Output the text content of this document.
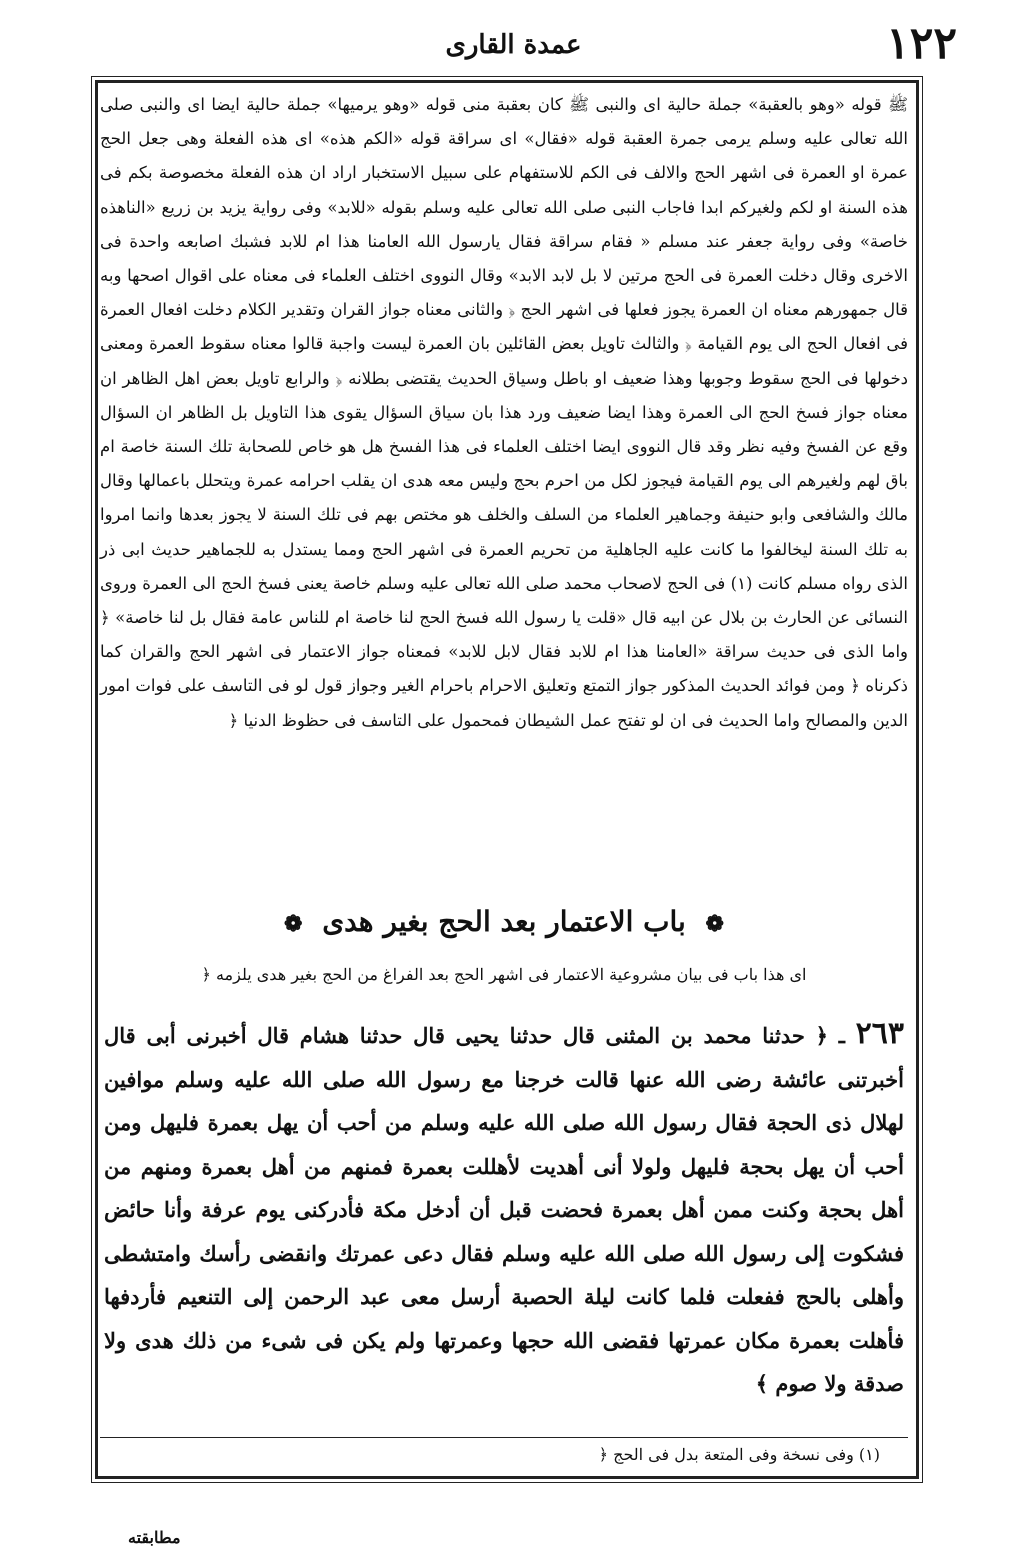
١٢٢
عمدة القارى

ﷺ قوله «وهو بالعقبة» جملة حالية اى والنبى ﷺ كان بعقبة منى قوله «وهو يرميها» جملة حالية ايضا اى والنبى صلى الله تعالى عليه وسلم يرمى جمرة العقبة قوله «فقال» اى سراقة قوله «الكم هذه» اى هذه الفعلة وهى جعل الحج عمرة او العمرة فى اشهر الحج والالف فى الكم للاستفهام على سبيل الاستخبار اراد ان هذه الفعلة مخصوصة بكم فى هذه السنة او لكم ولغيركم ابدا فاجاب النبى صلى الله تعالى عليه وسلم بقوله «للابد» وفى رواية يزيد بن زريع «الناهذه خاصة» وفى رواية جعفر عند مسلم « فقام سراقة فقال يارسول الله العامنا هذا ام للابد فشبك اصابعه واحدة فى الاخرى وقال دخلت العمرة فى الحج مرتين لا بل لابد الابد» وقال النووى اختلف العلماء فى معناه على اقوال اصحها وبه قال جمهورهم معناه ان العمرة يجوز فعلها فى اشهر الحج ﴿ والثانى معناه جواز القران وتقدير الكلام دخلت افعال العمرة فى افعال الحج الى يوم القيامة ﴿ والثالث تاويل بعض القائلين بان العمرة ليست واجبة قالوا معناه سقوط العمرة ومعنى دخولها فى الحج سقوط وجوبها وهذا ضعيف او باطل وسياق الحديث يقتضى بطلانه ﴿ والرابع تاويل بعض اهل الظاهر ان معناه جواز فسخ الحج الى العمرة وهذا ايضا ضعيف ورد هذا بان سياق السؤال يقوى هذا التاويل بل الظاهر ان السؤال وقع عن الفسخ وفيه نظر وقد قال النووى ايضا اختلف العلماء فى هذا الفسخ هل هو خاص للصحابة تلك السنة خاصة ام باق لهم ولغيرهم الى يوم القيامة فيجوز لكل من احرم بحج وليس معه هدى ان يقلب احرامه عمرة ويتحلل باعمالها وقال مالك والشافعى وابو حنيفة وجماهير العلماء من السلف والخلف هو مختص بهم فى تلك السنة لا يجوز بعدها وانما امروا به تلك السنة ليخالفوا ما كانت عليه الجاهلية من تحريم العمرة فى اشهر الحج ومما يستدل به للجماهير حديث ابى ذر الذى رواه مسلم كانت (١) فى الحج لاصحاب محمد صلى الله تعالى عليه وسلم خاصة يعنى فسخ الحج الى العمرة وروى النسائى عن الحارث بن بلال عن ابيه قال «قلت يا رسول الله فسخ الحج لنا خاصة ام للناس عامة فقال بل لنا خاصة» ﴿ واما الذى فى حديث سراقة «العامنا هذا ام للابد فقال لابل للابد» فمعناه جواز الاعتمار فى اشهر الحج والقران كما ذكرناه ﴿ ومن فوائد الحديث المذكور جواز التمتع وتعليق الاحرام باحرام الغير وجواز قول لو فى التاسف على فوات امور الدين والمصالح واما الحديث فى ان لو تفتح عمل الشيطان فمحمول على التاسف فى حظوظ الدنيا ﴿

❁ باب الاعتمار بعد الحج بغير هدى ❁
اى هذا باب فى بيان مشروعية الاعتمار فى اشهر الحج بعد الفراغ من الحج بغير هدى يلزمه ﴿
٢٦٣ ـ ﴿ حدثنا محمد بن المثنى قال حدثنا يحيى قال حدثنا هشام قال أخبرنى أبى قال أخبرتنى عائشة رضى الله عنها قالت خرجنا مع رسول الله صلى الله عليه وسلم موافين لهلال ذى الحجة فقال رسول الله صلى الله عليه وسلم من أحب أن يهل بعمرة فليهل ومن أحب أن يهل بحجة فليهل ولولا أنى أهديت لأهللت بعمرة فمنهم من أهل بعمرة ومنهم من أهل بحجة وكنت ممن أهل بعمرة فحضت قبل أن أدخل مكة فأدركنى يوم عرفة وأنا حائض فشكوت إلى رسول الله صلى الله عليه وسلم فقال دعى عمرتك وانقضى رأسك وامتشطى وأهلى بالحج ففعلت فلما كانت ليلة الحصبة أرسل معى عبد الرحمن إلى التنعيم فأردفها فأهلت بعمرة مكان عمرتها فقضى الله حجها وعمرتها ولم يكن فى شىء من ذلك هدى ولا صدقة ولا صوم ﴾
(١) وفى نسخة وفى المتعة بدل فى الحج ﴿
مطابقته
